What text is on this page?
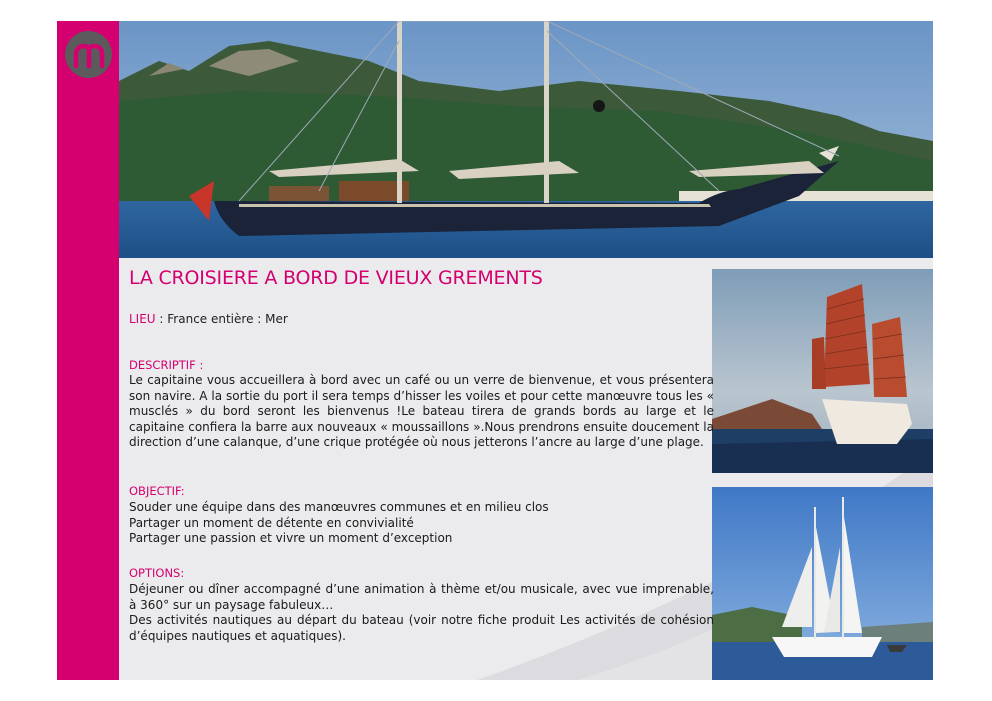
LA CROISIERE A BORD DE VIEUX GREMENTS
LIEU : France entière : Mer
DESCRIPTIF :

Le capitaine vous accueillera à bord avec un café ou un verre de bienvenue, et vous présentera son navire. A la sortie du port il sera temps d’hisser les voiles et pour cette manœuvre tous les « musclés » du bord seront les bienvenus !Le bateau tirera de grands bords au large et le capitaine confiera la barre aux nouveaux « moussaillons ».Nous prendrons ensuite doucement la direction d’une calanque, d’une crique protégée où nous jetterons l’ancre au large d’une plage.

OBJECTIF:
Souder une équipe dans des manœuvres communes et en milieu clos
Partager un moment de détente en convivialité
Partager une passion et vivre un moment d’exception
OPTIONS:

Déjeuner ou dîner accompagné d’une animation à thème et/ou musicale, avec vue imprenable, à 360° sur un paysage fabuleux…

Des activités nautiques au départ du bateau (voir notre fiche produit Les activités de cohésion d’équipes nautiques et aquatiques).
